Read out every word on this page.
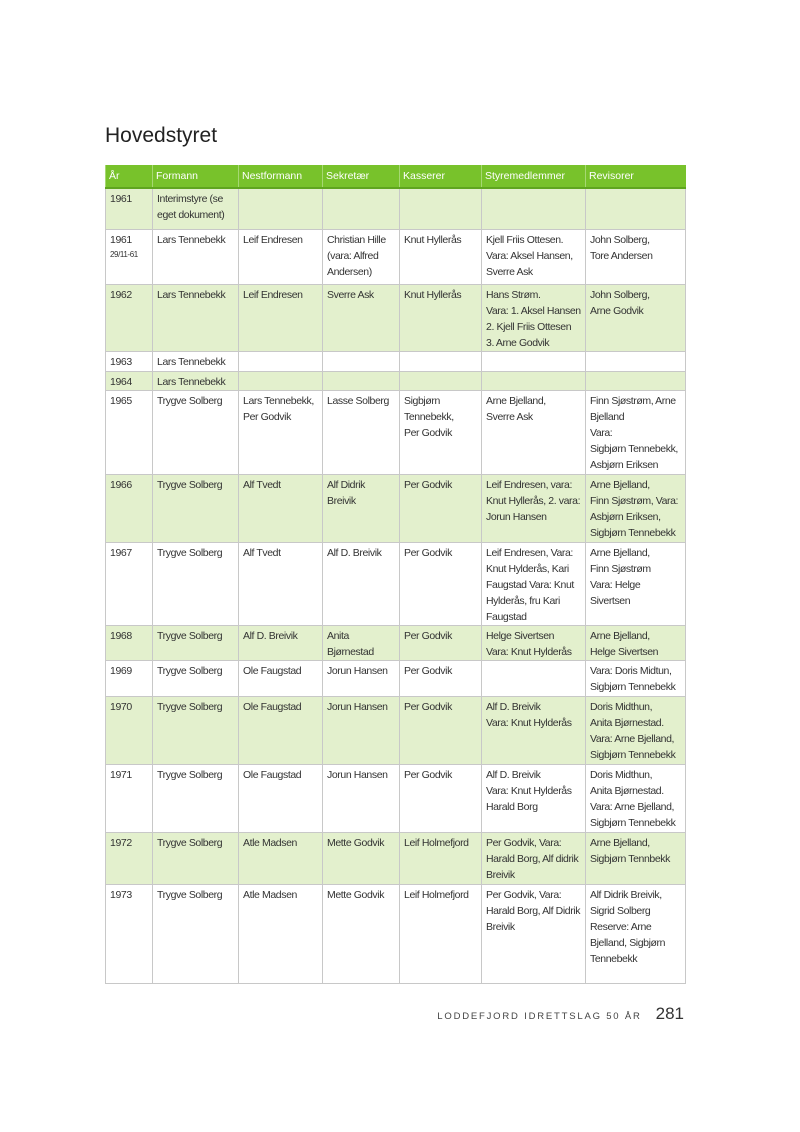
Hovedstyret
År	Formann	Nestformann	Sekretær	Kasserer	Styremedlemmer	Revisorer
1961	Interimstyre (se
eget dokument)					
1961
29/11-61	Lars Tennebekk	Leif Endresen	Christian Hille
(vara: Alfred
Andersen)	Knut Hyllerås	Kjell Friis Ottesen.
Vara: Aksel Hansen,
Sverre Ask	John Solberg,
Tore Andersen
1962	Lars Tennebekk	Leif Endresen	Sverre Ask	Knut Hyllerås	Hans Strøm.
Vara: 1. Aksel Hansen
2. Kjell Friis Ottesen
3. Arne Godvik	John Solberg,
Arne Godvik
1963	Lars Tennebekk					
1964	Lars Tennebekk					
1965	Trygve Solberg	Lars Tennebekk,
Per Godvik	Lasse Solberg	Sigbjørn
Tennebekk,
Per Godvik	Arne Bjelland,
Sverre Ask	Finn Sjøstrøm, Arne
Bjelland
Vara:
Sigbjørn Tennebekk,
Asbjørn Eriksen
1966	Trygve Solberg	Alf Tvedt	Alf Didrik
Breivik	Per Godvik	Leif Endresen, vara:
Knut Hyllerås, 2. vara:
Jorun Hansen	Arne Bjelland,
Finn Sjøstrøm, Vara:
Asbjørn Eriksen,
Sigbjørn Tennebekk
1967	Trygve Solberg	Alf Tvedt	Alf D. Breivik	Per Godvik	Leif Endresen, Vara:
Knut Hylderås, Kari
Faugstad Vara: Knut
Hylderås, fru Kari
Faugstad	Arne Bjelland,
Finn Sjøstrøm
Vara: Helge
Sivertsen
1968	Trygve Solberg	Alf D. Breivik	Anita
Bjørnestad	Per Godvik	Helge Sivertsen
Vara: Knut Hylderås	Arne Bjelland,
Helge Sivertsen
1969	Trygve Solberg	Ole Faugstad	Jorun Hansen	Per Godvik		Vara: Doris Midtun,
Sigbjørn Tennebekk
1970	Trygve Solberg	Ole Faugstad	Jorun Hansen	Per Godvik	Alf D. Breivik
Vara: Knut Hylderås	Doris Midthun,
Anita Bjørnestad.
Vara: Arne Bjelland,
Sigbjørn Tennebekk
1971	Trygve Solberg	Ole Faugstad	Jorun Hansen	Per Godvik	Alf D. Breivik
Vara: Knut Hylderås
Harald Borg	Doris Midthun,
Anita Bjørnestad.
Vara: Arne Bjelland,
Sigbjørn Tennebekk
1972	Trygve Solberg	Atle Madsen	Mette Godvik	Leif Holmefjord	Per Godvik, Vara:
Harald Borg, Alf didrik
Breivik	Arne Bjelland,
Sigbjørn Tennbekk
1973	Trygve Solberg	Atle Madsen	Mette Godvik	Leif Holmefjord	Per Godvik, Vara:
Harald Borg, Alf Didrik
Breivik	Alf Didrik Breivik,
Sigrid Solberg
Reserve: Arne
Bjelland, Sigbjørn
Tennebekk
LODDEFJORD IDRETTSLAG 50 ÅR 281
